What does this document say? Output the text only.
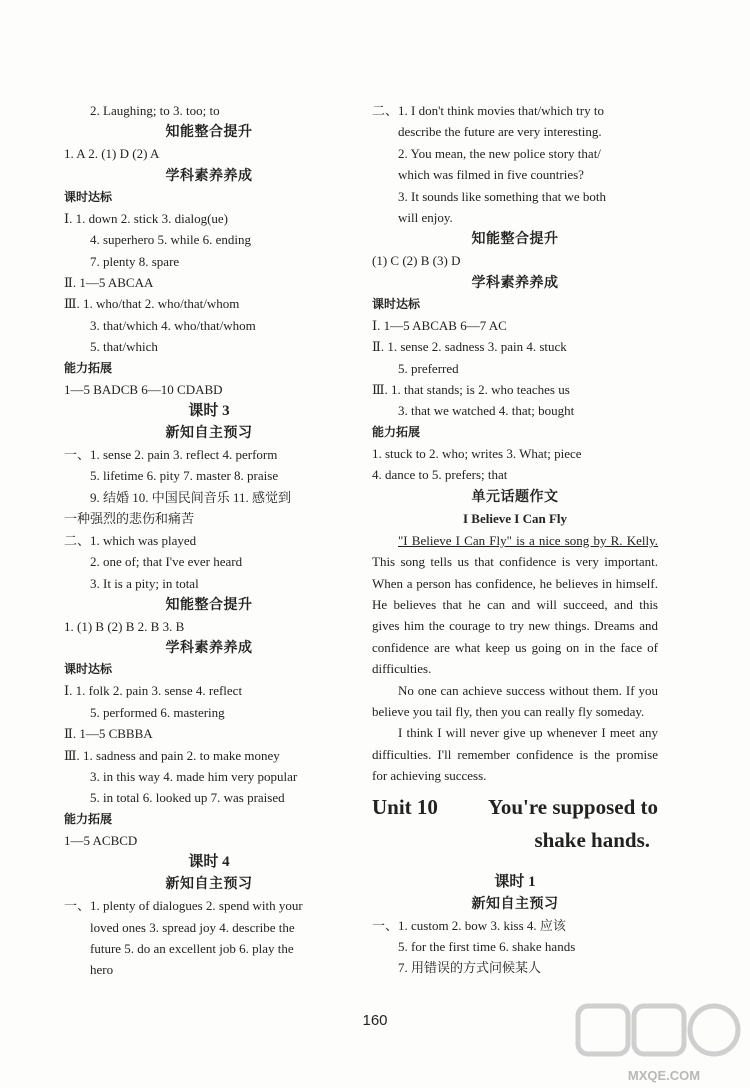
2. Laughing; to 3. too; to
知能整合提升
1. A 2. (1) D (2) A
学科素养养成
课时达标
Ⅰ. 1. down 2. stick 3. dialog(ue)
4. superhero 5. while 6. ending
7. plenty 8. spare
Ⅱ. 1—5 ABCAA
Ⅲ. 1. who/that 2. who/that/whom
3. that/which 4. who/that/whom
5. that/which
能力拓展
1—5 BADCB 6—10 CDABD
课时 3
新知自主预习
一、1. sense 2. pain 3. reflect 4. perform
5. lifetime 6. pity 7. master 8. praise
9. 结婚 10. 中国民间音乐 11. 感觉到
一种强烈的悲伤和痛苦
二、1. which was played
2. one of; that I've ever heard
3. It is a pity; in total
知能整合提升
1. (1) B (2) B 2. B 3. B
学科素养养成
课时达标
Ⅰ. 1. folk 2. pain 3. sense 4. reflect
5. performed 6. mastering
Ⅱ. 1—5 CBBBA
Ⅲ. 1. sadness and pain 2. to make money
3. in this way 4. made him very popular
5. in total 6. looked up 7. was praised
能力拓展
1—5 ACBCD
课时 4
新知自主预习
一、1. plenty of dialogues 2. spend with your
loved ones 3. spread joy 4. describe the
future 5. do an excellent job 6. play the
hero
二、1. I don't think movies that/which try to
describe the future are very interesting.
2. You mean, the new police story that/
which was filmed in five countries?
3. It sounds like something that we both
will enjoy.
知能整合提升
(1) C (2) B (3) D
学科素养养成
课时达标
Ⅰ. 1—5 ABCAB 6—7 AC
Ⅱ. 1. sense 2. sadness 3. pain 4. stuck
5. preferred
Ⅲ. 1. that stands; is 2. who teaches us
3. that we watched 4. that; bought
能力拓展
1. stuck to 2. who; writes 3. What; piece
4. dance to 5. prefers; that
单元话题作文
I Believe I Can Fly

"I Believe I Can Fly" is a nice song by R. Kelly. This song tells us that confidence is very important. When a person has confidence, he believes in himself. He believes that he can and will succeed, and this gives him the courage to try new things. Dreams and confidence are what keep us going on in the face of difficulties.

No one can achieve success without them. If you believe you tail fly, then you can really fly someday.

I think I will never give up whenever I meet any difficulties. I'll remember confidence is the promise for achieving success.

Unit 10 You're supposed to
shake hands.
课时 1
新知自主预习
一、1. custom 2. bow 3. kiss 4. 应该
5. for the first time 6. shake hands
7. 用错误的方式问候某人
160
MXQE.COM
